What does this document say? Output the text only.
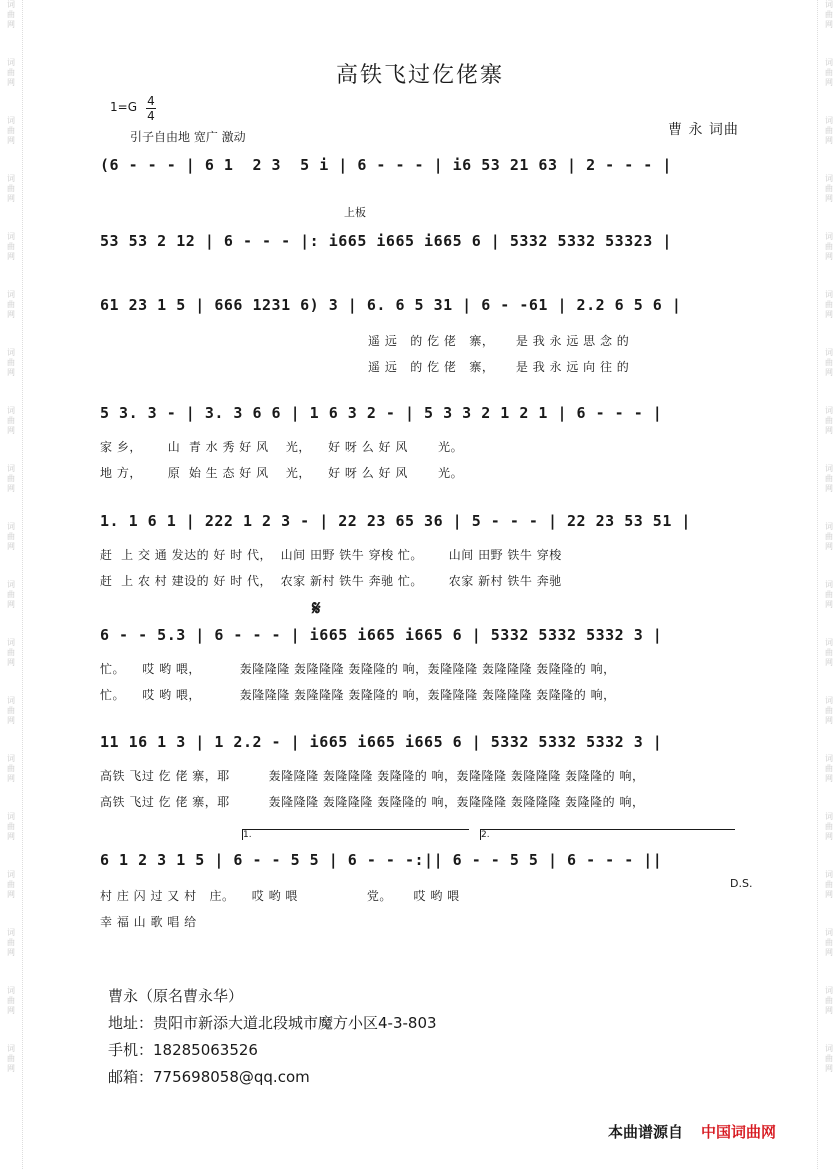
词
曲
网
词
曲
网
词
曲
网
词
曲
网
词
曲
网
词
曲
网
词
曲
网
词
曲
网
词
曲
网
词
曲
网
词
曲
网
词
曲
网
词
曲
网
词
曲
网
词
曲
网
词
曲
网
词
曲
网
词
曲
网
词
曲
网
词
曲
网
词
曲
网
词
曲
网
词
曲
网
词
曲
网
词
曲
网
词
曲
网
词
曲
网
词
曲
网
词
曲
网
词
曲
网
词
曲
网
词
曲
网
词
曲
网
词
曲
网
词
曲
网
词
曲
网
词
曲
网
词
曲
网
高铁飞过仡佬寨
1=G 4
4
引子自由地 宽广 激动	曹 永 词曲
(6 - - - | 6 1  2 3  5 i | 6 - - - | i6 53 21 63 | 2 - - - |
上板
53 53 2 12 | 6 - - - |: i665 i665 i665 6 | 5332 5332 53323 |
61 23 1 5 | 666 1231 6) 3 | 6. 6 5 31 | 6 - -61 | 2.2 6 5 6 |
遥 远   的 仡 佬   寨，     是 我 永 远 思 念 的
遥 远   的 仡 佬   寨，     是 我 永 远 向 往 的
5 3. 3 - | 3. 3 6 6 | 1 6 3 2 - | 5 3 3 2 1 2 1 | 6 - - - |
家 乡，      山  青 水 秀 好 风    光，    好 呀 么 好 风       光。
地 方，      原  始 生 态 好 风    光，    好 呀 么 好 风       光。
1. 1 6 1 | 222 1 2 3 - | 22 23 65 36 | 5 - - - | 22 23 53 51 |
赶  上 交 通 发达的 好 时 代，  山间 田野 铁牛 穿梭 忙。      山间 田野 铁牛 穿梭
赶  上 农 村 建设的 好 时 代，  农家 新村 铁牛 奔驰 忙。      农家 新村 铁牛 奔驰
𝄋
6 - - 5.3 | 6 - - - | i665 i665 i665 6 | 5332 5332 5332 3 |
忙。    哎 哟 喂，         轰隆隆隆 轰隆隆隆 轰隆隆的 响，轰隆隆隆 轰隆隆隆 轰隆隆的 响，
忙。    哎 哟 喂，         轰隆隆隆 轰隆隆隆 轰隆隆的 响，轰隆隆隆 轰隆隆隆 轰隆隆的 响，
11 16 1 3 | 1 2.2 - | i665 i665 i665 6 | 5332 5332 5332 3 |
高铁 飞过 仡 佬 寨，耶         轰隆隆隆 轰隆隆隆 轰隆隆的 响，轰隆隆隆 轰隆隆隆 轰隆隆的 响，
高铁 飞过 仡 佬 寨，耶         轰隆隆隆 轰隆隆隆 轰隆隆的 响，轰隆隆隆 轰隆隆隆 轰隆隆的 响，
1.	2.
6 1 2 3 1 5 | 6 - - 5 5 | 6 - - -:|| 6 - - 5 5 | 6 - - - ||
D.S.
村 庄 闪 过 又 村   庄。    哎 哟 喂                党。     哎 哟 喂
幸 福 山 歌 唱 给
曹永（原名曹永华）
地址：贵阳市新添大道北段城市魔方小区4-3-803
手机：18285063526
邮箱：775698058@qq.com
本曲谱源自 中国词曲网
